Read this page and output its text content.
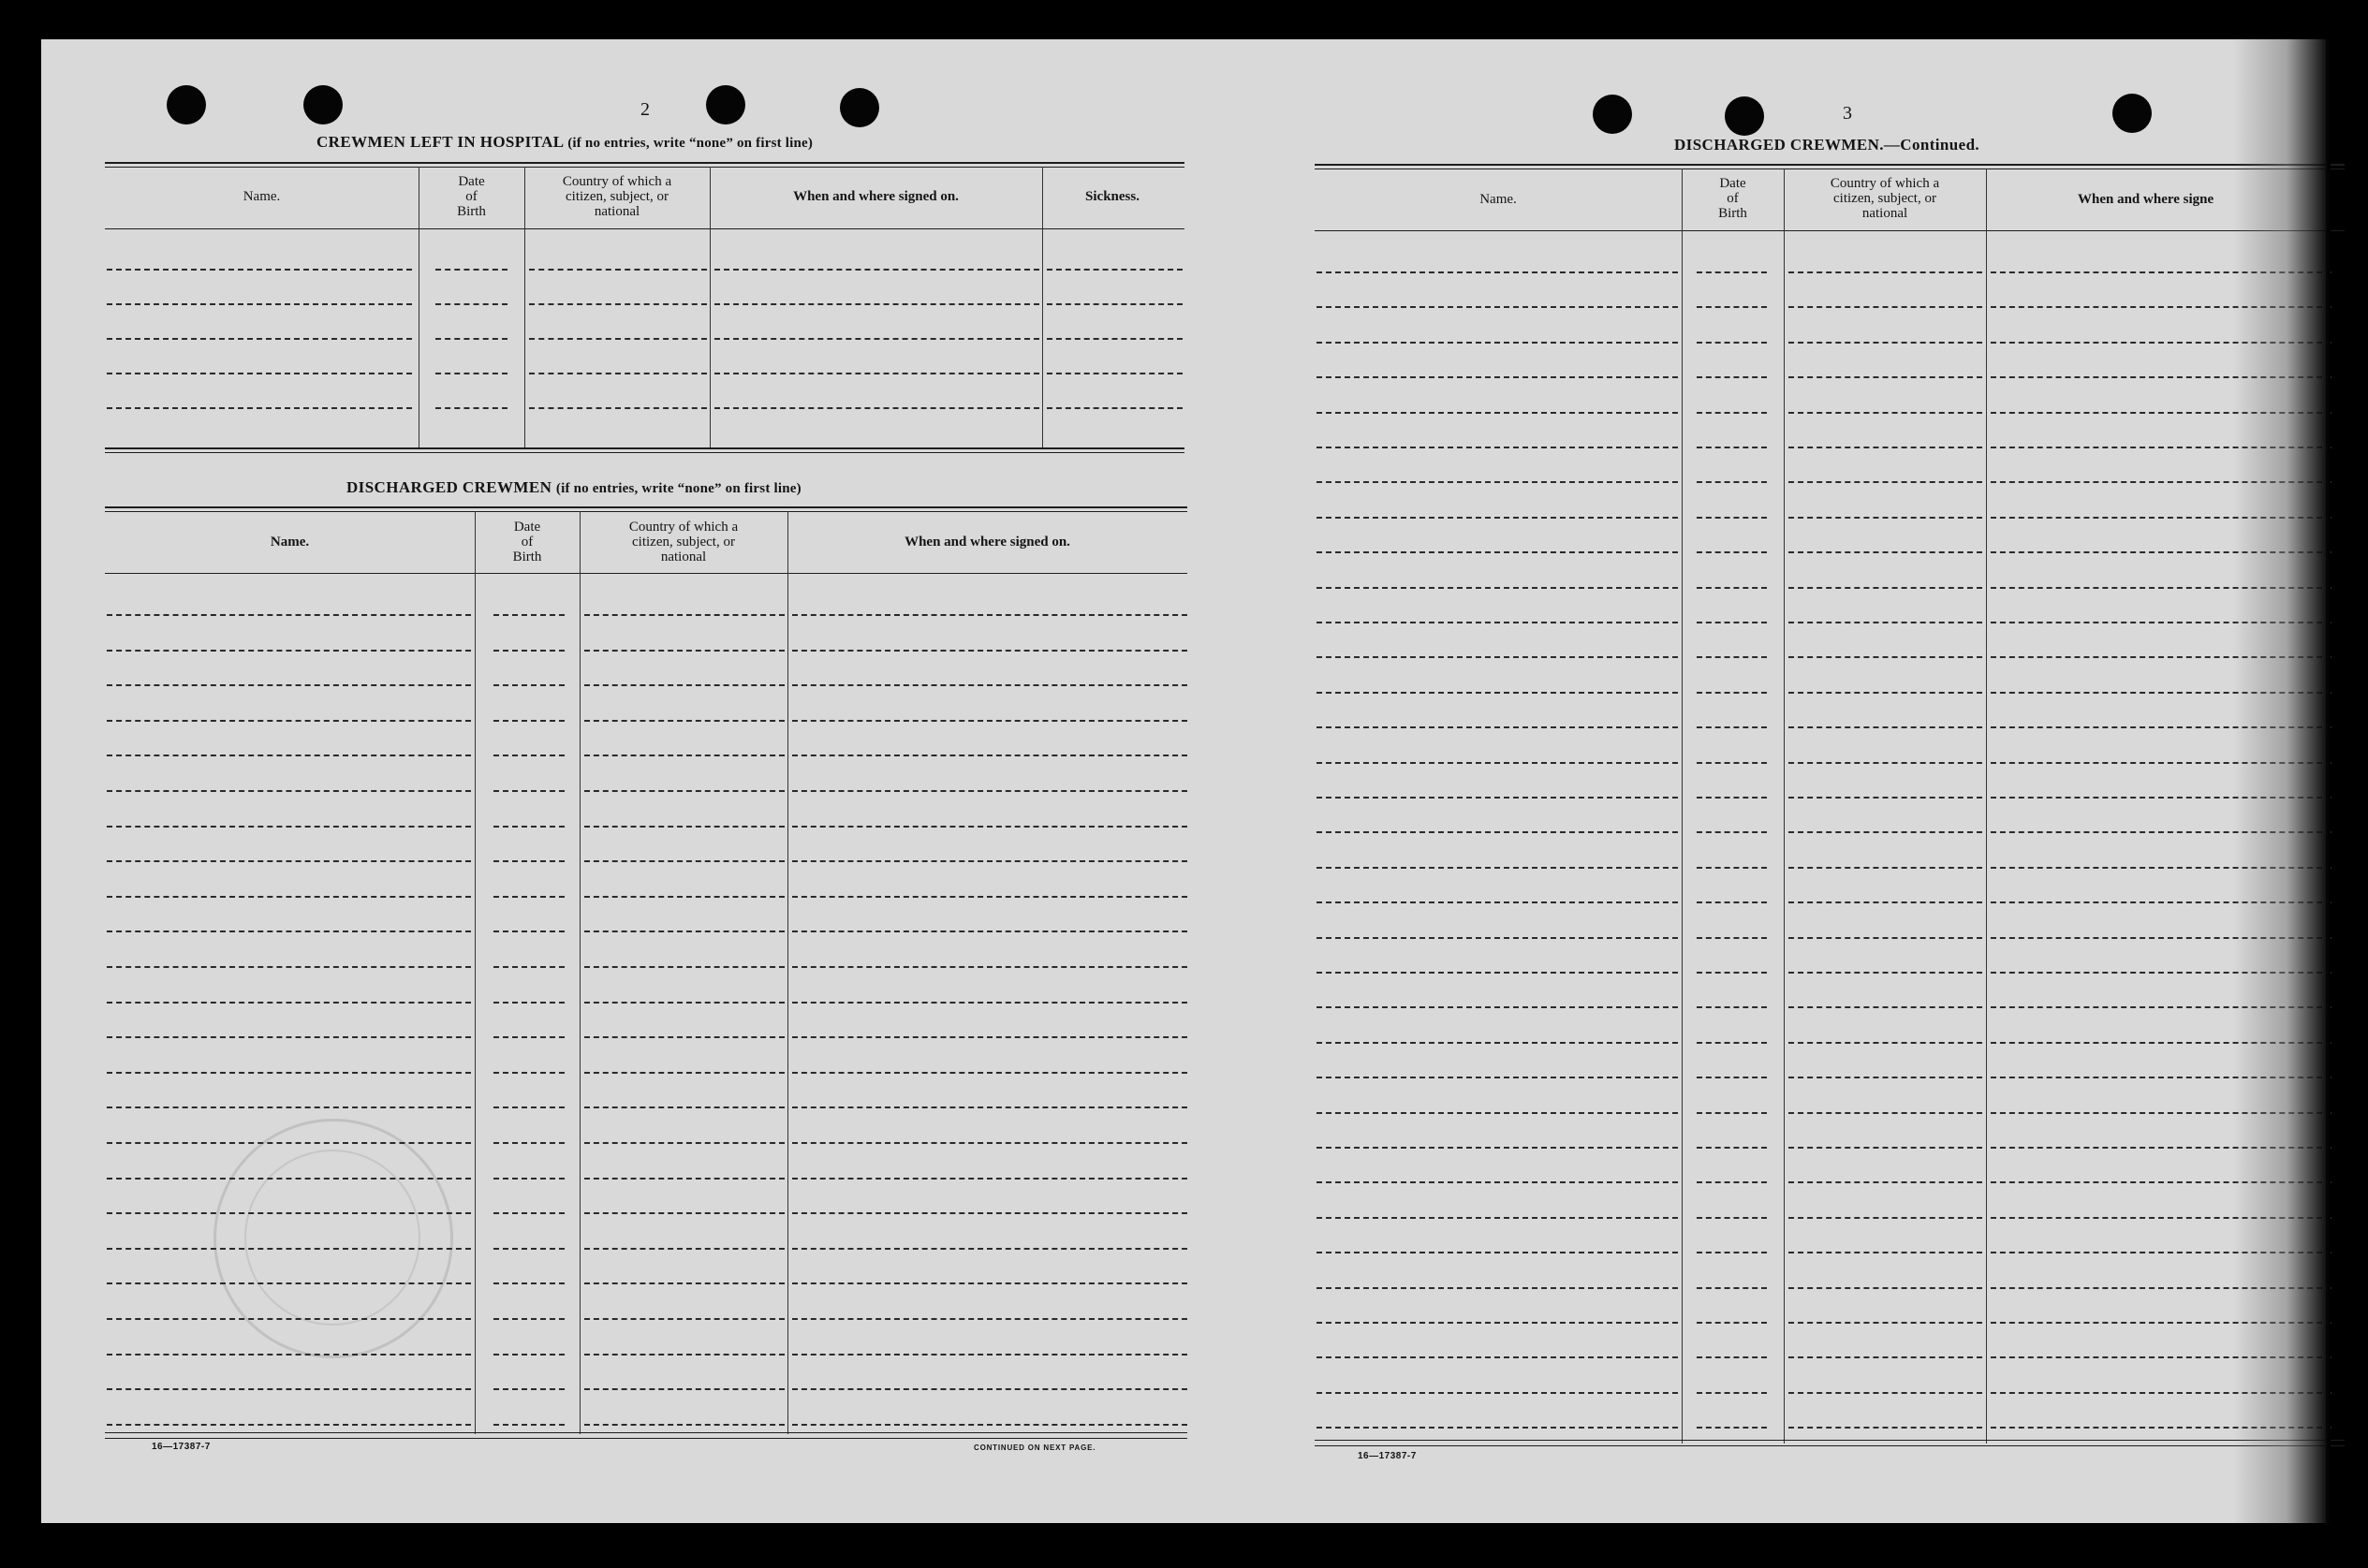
2
CREWMEN LEFT IN HOSPITAL (if no entries, write “none” on first line)
Name.
Date
of
Birth
Country of which a
citizen, subject, or
national
When and where signed on.	Sickness.
DISCHARGED CREWMEN (if no entries, write “none” on first line)
Name.
Date
of
Birth
Country of which a
citizen, subject, or
national
When and where signed on.
16—17387-7	CONTINUED ON NEXT PAGE.
3
DISCHARGED CREWMEN.—Continued.
Name.
Date
of
Birth
Country of which a
citizen, subject, or
national
When and where signe
16—17387-7
